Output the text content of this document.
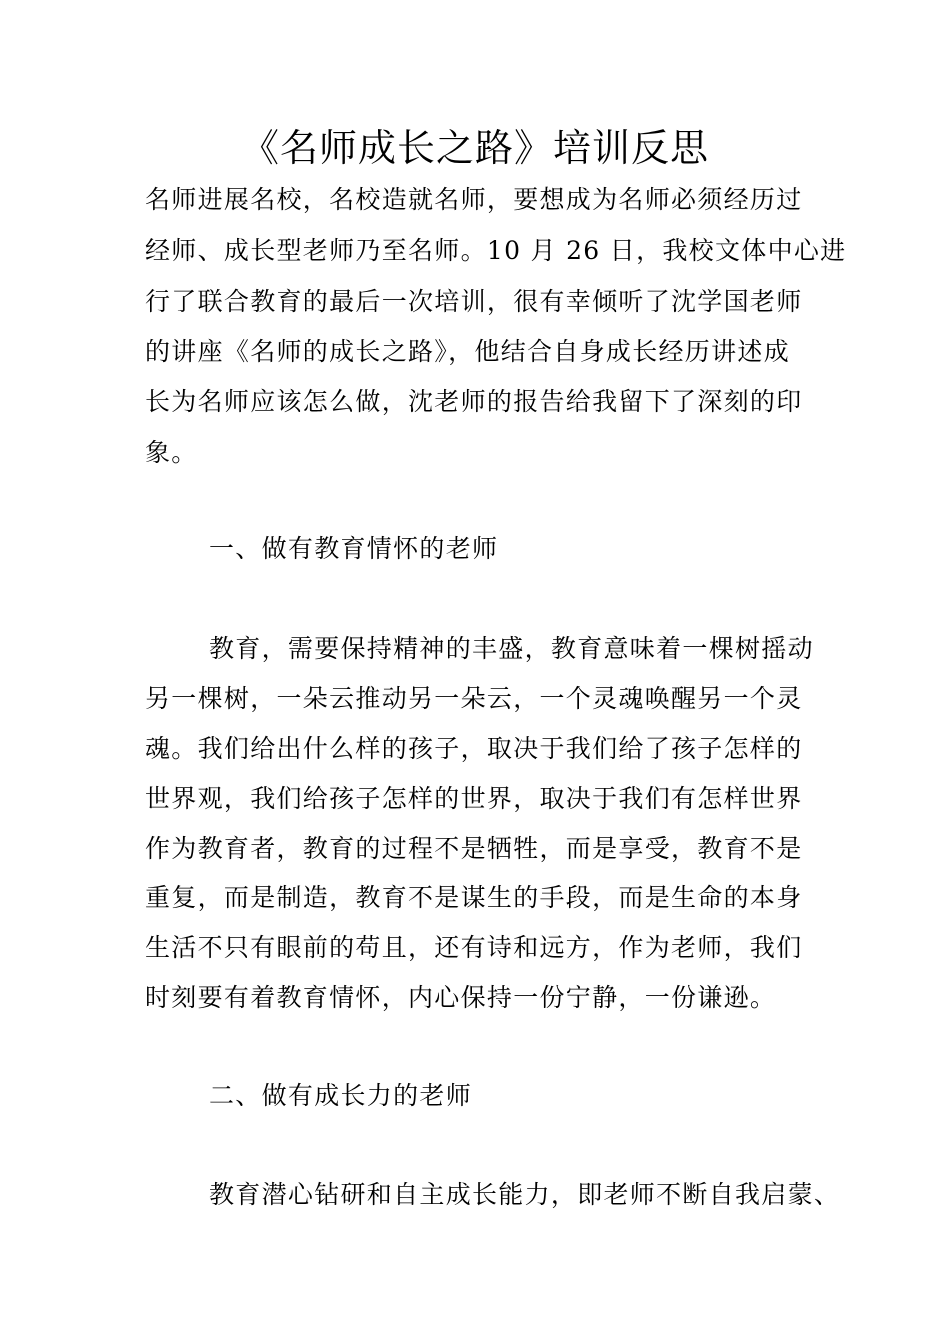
《名师成长之路》培训反思
名师进展名校，名校造就名师，要想成为名师必须经历过
经师、成长型老师乃至名师。10 月 26 日，我校文体中心进
行了联合教育的最后一次培训，很有幸倾听了沈学国老师
的讲座《名师的成长之路》，他结合自身成长经历讲述成
长为名师应该怎么做，沈老师的报告给我留下了深刻的印
象。
一、做有教育情怀的老师
教育，需要保持精神的丰盛，教育意味着一棵树摇动
另一棵树，一朵云推动另一朵云，一个灵魂唤醒另一个灵
魂。我们给出什么样的孩子，取决于我们给了孩子怎样的
世界观，我们给孩子怎样的世界，取决于我们有怎样世界
作为教育者，教育的过程不是牺牲，而是享受，教育不是
重复，而是制造，教育不是谋生的手段，而是生命的本身
生活不只有眼前的苟且，还有诗和远方，作为老师，我们
时刻要有着教育情怀，内心保持一份宁静，一份谦逊。
二、做有成长力的老师
教育潜心钻研和自主成长能力，即老师不断自我启蒙、
